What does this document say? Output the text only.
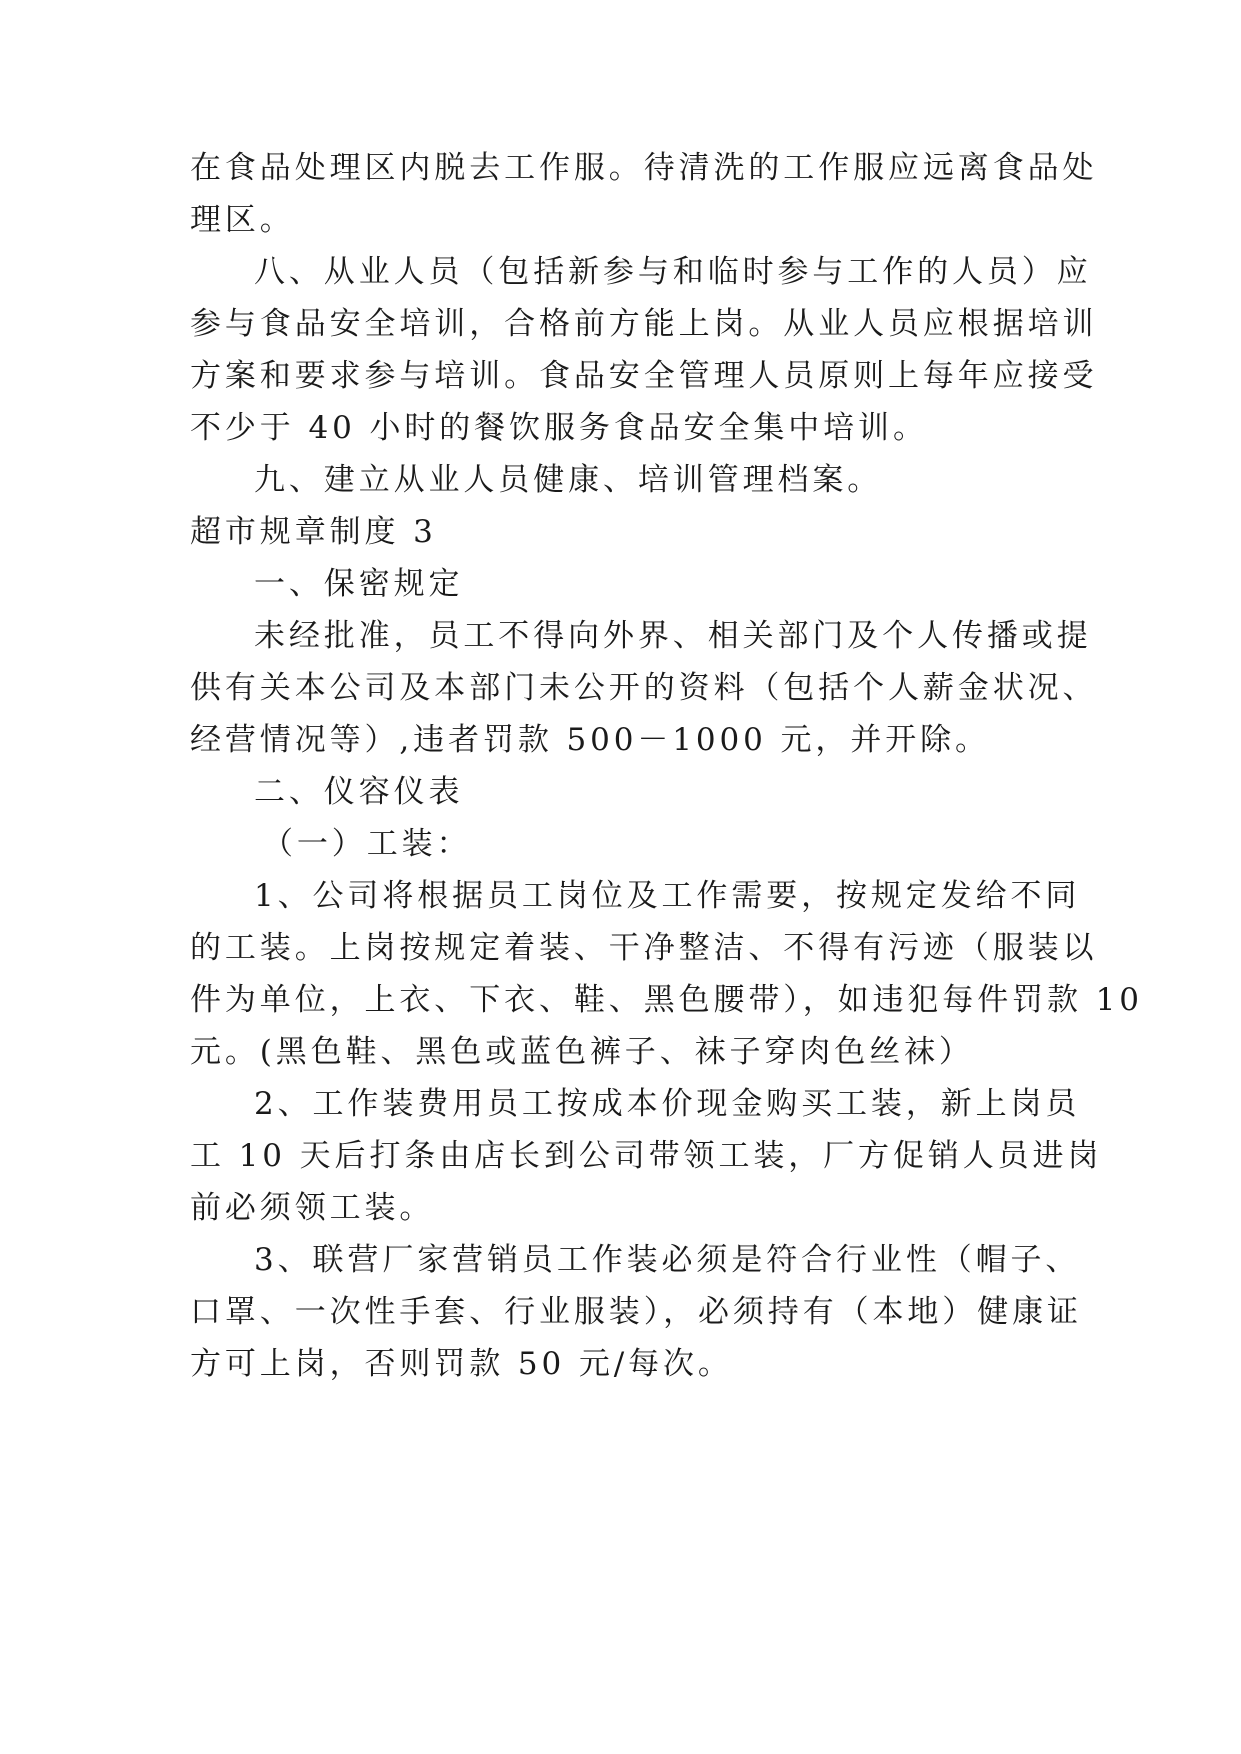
在食品处理区内脱去工作服。待清洗的工作服应远离食品处
理区。
八、从业人员（包括新参与和临时参与工作的人员）应
参与食品安全培训，合格前方能上岗。从业人员应根据培训
方案和要求参与培训。食品安全管理人员原则上每年应接受
不少于 40 小时的餐饮服务食品安全集中培训。
九、建立从业人员健康、培训管理档案。
超市规章制度 3
一、保密规定
未经批准，员工不得向外界、相关部门及个人传播或提
供有关本公司及本部门未公开的资料（包括个人薪金状况、
经营情况等）,违者罚款 500－1000 元，并开除。
二、仪容仪表
（一）工装：
1、公司将根据员工岗位及工作需要，按规定发给不同
的工装。上岗按规定着装、干净整洁、不得有污迹（服装以
件为单位，上衣、下衣、鞋、黑色腰带），如违犯每件罚款 10
元。(黑色鞋、黑色或蓝色裤子、袜子穿肉色丝袜）
2、工作装费用员工按成本价现金购买工装，新上岗员
工 10 天后打条由店长到公司带领工装，厂方促销人员进岗
前必须领工装。
3、联营厂家营销员工作装必须是符合行业性（帽子、
口罩、一次性手套、行业服装），必须持有（本地）健康证
方可上岗，否则罚款 50 元/每次。
